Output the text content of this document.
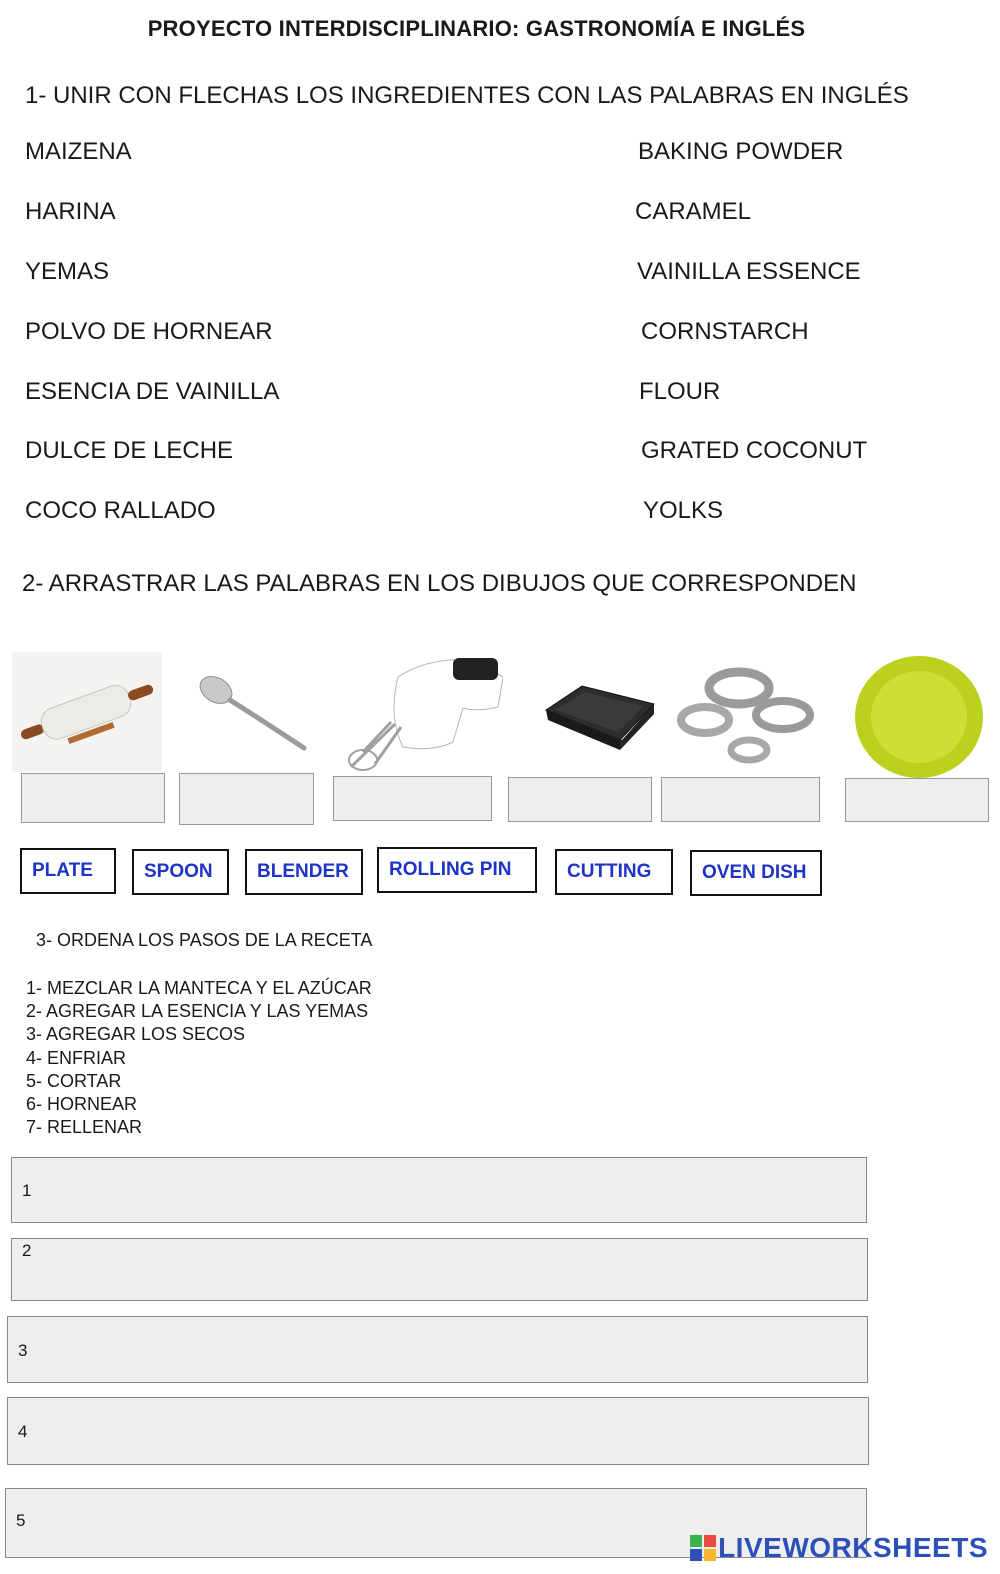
PROYECTO INTERDISCIPLINARIO: GASTRONOMÍA E INGLÉS
1- UNIR CON FLECHAS LOS INGREDIENTES CON LAS PALABRAS EN INGLÉS
MAIZENA
HARINA
YEMAS
POLVO DE HORNEAR
ESENCIA DE VAINILLA
DULCE DE LECHE
COCO RALLADO
BAKING POWDER
CARAMEL
VAINILLA ESSENCE
CORNSTARCH
FLOUR
GRATED COCONUT
YOLKS
2- ARRASTRAR LAS PALABRAS EN LOS DIBUJOS QUE CORRESPONDEN
PLATE	SPOON	BLENDER	ROLLING PIN	CUTTING	OVEN DISH
3- ORDENA LOS PASOS DE LA RECETA
1- MEZCLAR LA MANTECA Y EL AZÚCAR
2- AGREGAR LA ESENCIA Y LAS YEMAS
3- AGREGAR LOS SECOS
4- ENFRIAR
5- CORTAR
6- HORNEAR
7- RELLENAR
1
2
3
4
5
LIVEWORKSHEETS
